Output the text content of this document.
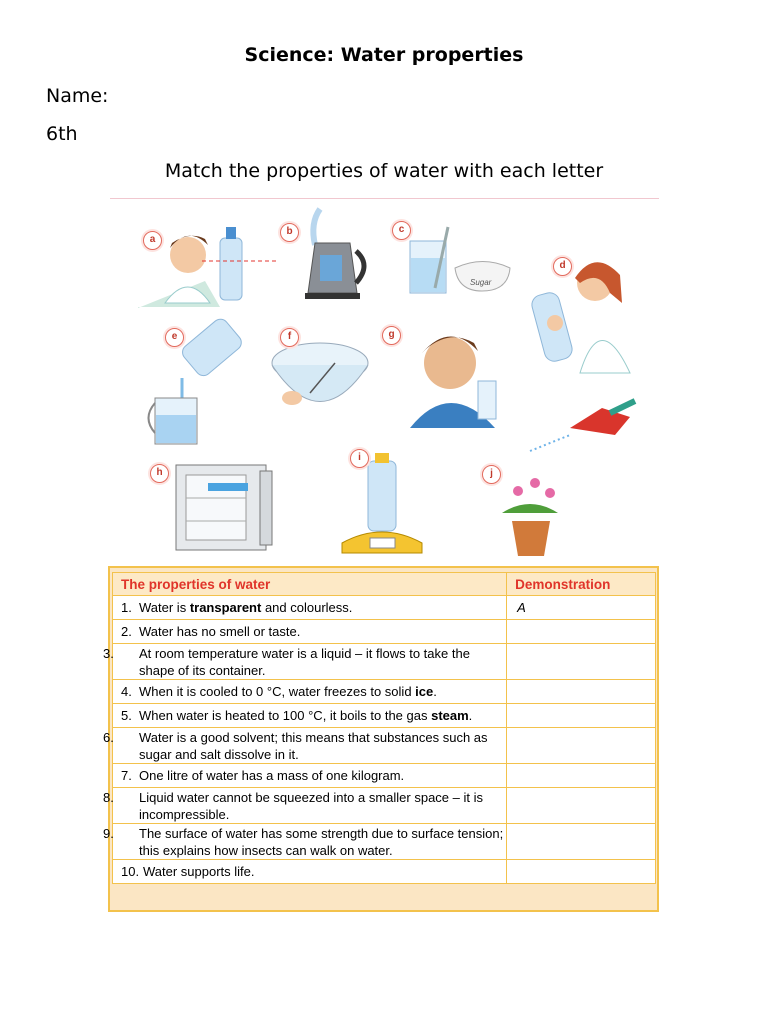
Science: Water properties
Name:
6th
Match the properties of water with each letter
Sugar
a
b	c
d
e	f	g
h
i
j
The properties of water	Demonstration
1. Water is transparent and colourless.	A
2. Water has no smell or taste.	

3. At room temperature water is a liquid – it flows to take the shape of its container.	

4. When it is cooled to 0 °C, water freezes to solid ice.	
5. When water is heated to 100 °C, it boils to the gas steam.	

6. Water is a good solvent; this means that substances such as sugar and salt dissolve in it.	

7. One litre of water has a mass of one kilogram.	

8. Liquid water cannot be squeezed into a smaller space – it is incompressible.	

9. The surface of water has some strength due to surface tension; this explains how insects can walk on water.	

10. Water supports life.	
